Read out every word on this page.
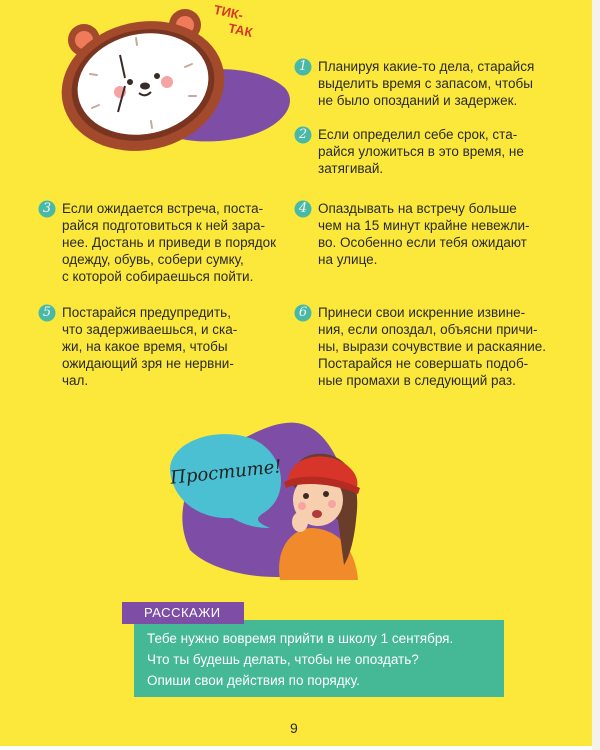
ТИК-
ТАК
1 Планируя какие-то дела, старайся
выделить время с запасом, чтобы
не было опозданий и задержек.
2 Если определил себе срок, ста-
райся уложиться в это время, не
затягивай.
3 Если ожидается встреча, поста-
райся подготовиться к ней зара-
нее. Достань и приведи в порядок
одежду, обувь, собери сумку,
с которой собираешься пойти.
4 Опаздывать на встречу больше
чем на 15 минут крайне невежли-
во. Особенно если тебя ожидают
на улице.
5 Постарайся предупредить,
что задерживаешься, и ска-
жи, на какое время, чтобы
ожидающий зря не нервни-
чал.
6 Принеси свои искренние извине-
ния, если опоздал, объясни причи-
ны, вырази сочувствие и раскаяние.
Постарайся не совершать подоб-
ные промахи в следующий раз.
Простите!
РАССКАЖИ
Тебе нужно вовремя прийти в школу 1 сентября.
Что ты будешь делать, чтобы не опоздать?
Опиши свои действия по порядку.
9
